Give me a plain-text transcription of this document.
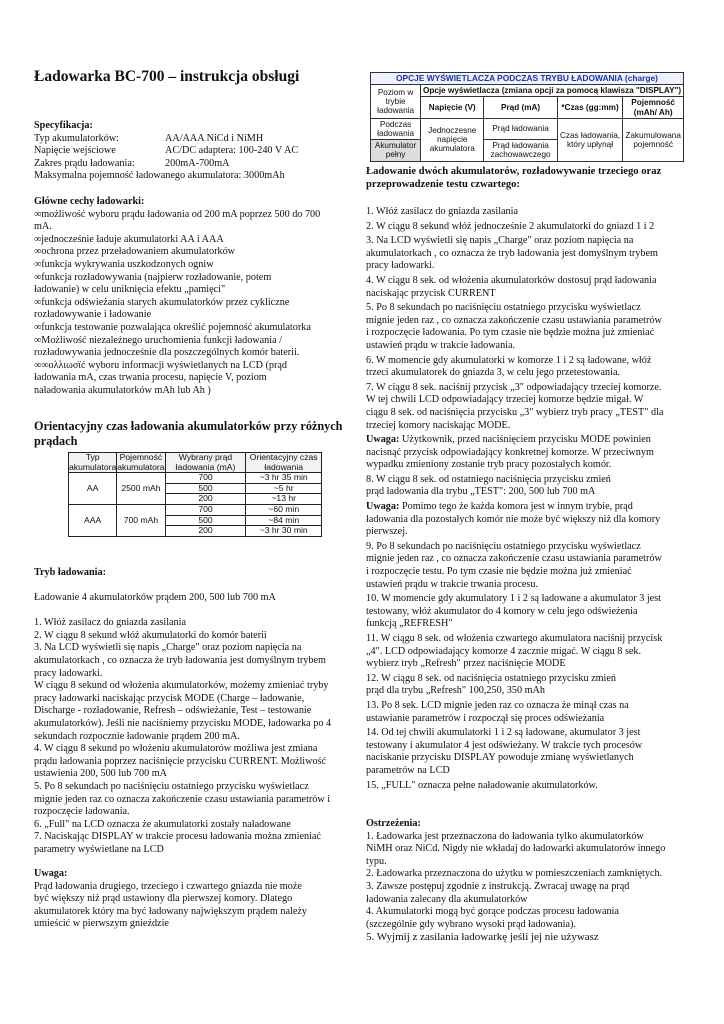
Ładowarka BC-700 – instrukcja obsługi

Specyfikacja:

Typ akumulatorków:	AA/AAA NiCd i NiMH
Napięcie wejściowe	AC/DC adaptera: 100-240 V AC
Zakres prądu ładowania:	200mA-700mA

Maksymalna pojemność ładowanego akumulatora: 3000mAh

Główne cechy ładowarki:

∞możliwość wyboru prądu ładowania od 200 mA poprzez 500 do 700

mA.

∞jednocześnie ładuje akumulatorki AA i AAA

∞ochrona przez przeładowaniem akumulatorków

∞funkcja wykrywania uszkodzonych ogniw

∞funkcja rozładowywania (najpierw rozładowanie, potem

ładowanie) w celu uniknięcia efektu „pamięci"

∞funkcja odświeżania starych akumulatorków przez cykliczne

rozładowywanie i ładowanie

∞funkcja testowanie pozwalająca określić pojemność akumulatorka

∞Możliwość niezależnego uruchomienia funkcji ładowania /

rozładowywania jednocześnie dla poszczególnych komór baterii.

∞∞ολλιωσϊć wyboru informacji wyświetlanych na LCD (prąd

ładowania mA, czas trwania procesu, napięcie V, poziom

naładowania akumulatorków mAh lub Ah )

Orientacyjny czas ładowania akumulatorków przy różnych prądach
Typ akumulatora	Pojemność akumulatora	Wybrany prąd ładowania (mA)	Orientacyjny czas ładowania
AA	2500 mAh	700	~3 hr 35 min
		500	~5 hr
		200	~13 hr
AAA	700 mAh	700	~60 min
		500	~84 min
		200	~3 hr 30 min

Tryb ładowania:

Ładowanie 4 akumulatorków prądem 200, 500 lub 700 mA

1. Włóż zasilacz do gniazda zasilania

2. W ciągu 8 sekund włóż akumulatorki do komór baterii

3. Na LCD wyświetli się napis „Charge" oraz poziom napięcia na

akumulatorkach , co oznacza że tryb ładowania jest domyślnym trybem

pracy ładowarki.

W ciągu 8 sekund od włożenia akumulatorków, możemy zmieniać tryby

pracy ładowarki naciskając przycisk MODE (Charge – ładowanie,

Discharge - rozładowanie, Refresh – odświeżanie, Test – testowanie

akumulatorków). Jeśli nie naciśniemy przycisku MODE, ładowarka po 4

sekundach rozpocznie ładowanie prądem 200 mA.

4. W ciągu 8 sekund po włożeniu akumulatorów możliwa jest zmiana

prądu ładowania poprzez naciśnięcie przycisku CURRENT. Możliwość

ustawienia 200, 500 lub 700 mA

5. Po 8 sekundach po naciśnięciu ostatniego przycisku wyświetlacz

mignie jeden raz co oznacza zakończenie czasu ustawiania parametrów i

rozpoczęcie ładowania.

6. „Full" na LCD oznacza że akumulatorki zostały naładowane

7. Naciskając DISPLAY w trakcie procesu ładowania można zmieniać

parametry wyświetlane na LCD

Uwaga:

Prąd ładowania drugiego, trzeciego i czwartego gniazda nie może

być większy niż prąd ustawiony dla pierwszej komory. Dlatego

akumulatorek który ma być ładowany największym prądem należy

umieścić w pierwszym gnieździe

OPCJE WYŚWIETLACZA PODCZAS TRYBU ŁADOWANIA (charge)				
Poziom w trybie ładowania	Opcje wyświetlacza (zmiana opcji za pomocą klawisza "DISPLAY")			
	Napięcie (V)	Prąd (mA)	*Czas (gg:mm)	Pojemność (mAh/ Ah)
Podczas ładowania	Jednoczesne napięcie akumulatora	Prąd ładowania	Czas ładowania, który upłynął	Zakumulowana pojemność
Akumulator pełny		Prąd ładowania zachowawczego		

Ładowanie dwóch akumulatorów, rozładowywanie trzeciego oraz przeprowadzenie testu czwartego:

1. Włóż zasilacz do gniazda zasilania

2. W ciągu 8 sekund włóż jednocześnie 2 akumulatorki do gniazd 1 i 2

3. Na LCD wyświetli się napis „Charge" oraz poziom napięcia na
akumulatorkach , co oznacza że tryb ładowania jest domyślnym trybem
pracy ładowarki.

4. W ciągu 8 sek. od włożenia akumulatorków dostosuj prąd ładowania
naciskając przycisk CURRENT

5. Po 8 sekundach po naciśnięciu ostatniego przycisku wyświetlacz
mignie jeden raz , co oznacza zakończenie czasu ustawiania parametrów
i rozpoczęcie ładowania. Po tym czasie nie będzie można już zmieniać
ustawień prądu w trakcie ładowania.

6. W momencie gdy akumulatorki w komorze 1 i 2 są ładowane, włóż
trzeci akumulatorek do gniazda 3, w celu jego przetestowania.

7. W ciągu 8 sek. naciśnij przycisk „3" odpowiadający trzeciej komorze.
W tej chwili LCD odpowiadający trzeciej komorze będzie migał. W
ciągu 8 sek. od naciśnięcia przycisku „3" wybierz tryb pracy „TEST" dla
trzeciej komory naciskając MODE.

Uwaga: Użytkownik, przed naciśnięciem przycisku MODE powinien
nacisnąć przycisk odpowiadający konkretnej komorze. W przeciwnym
wypadku zmieniony zostanie tryb pracy pozostałych komór.

8. W ciągu 8 sek. od ostatniego naciśnięcia przycisku zmień
prąd ładowania dla trybu „TEST": 200, 500 lub 700 mA

Uwaga: Pomimo tego że każda komora jest w innym trybie, prąd
ładowania dla pozostałych komór nie może być większy niż dla komory
pierwszej.

9. Po 8 sekundach po naciśnięciu ostatniego przycisku wyświetlacz
mignie jeden raz , co oznacza zakończenie czasu ustawiania parametrów
i rozpoczęcie testu. Po tym czasie nie będzie można już zmieniać
ustawień prądu w trakcie trwania procesu.

10. W momencie gdy akumulatory 1 i 2 są ładowane a akumulator 3 jest
testowany, włóż akumulator do 4 komory w celu jego odświeżenia
funkcją „REFRESH"

11. W ciągu 8 sek. od włożenia czwartego akumulatora naciśnij przycisk
„4". LCD odpowiadający komorze 4 zacznie migać. W ciągu 8 sek.
wybierz tryb „Refresh" przez naciśnięcie MODE

12. W ciągu 8 sek. od naciśnięcia ostatniego przycisku zmień
prąd dla trybu „Refresh" 100,250, 350 mAh

13. Po 8 sek. LCD mignie jeden raz co oznacza że minął czas na
ustawianie parametrów i rozpoczął się proces odświeżania

14. Od tej chwili akumulatorki 1 i 2 są ładowane, akumulator 3 jest
testowany i akumulator 4 jest odświeżany. W trakcie tych procesów
naciskanie przycisku DISPLAY powoduje zmianę wyświetlanych
parametrów na LCD

15. „FULL" oznacza pełne naładowanie akumulatorków.

Ostrzeżenia:

1. Ładowarka jest przeznaczona do ładowania tylko akumulatorków

NiMH oraz NiCd. Nigdy nie wkładaj do ładowarki akumulatorów innego

typu.

2. Ładowarka przeznaczona do użytku w pomieszczeniach zamkniętych.

3. Zawsze postępuj zgodnie z instrukcją. Zwracaj uwagę na prąd

ładowania zalecany dla akumulatorków

4. Akumulatorki mogą być gorące podczas procesu ładowania

(szczególnie gdy wybrano wysoki prąd ładowania).

5. Wyjmij z zasilania ładowarkę jeśli jej nie używasz
